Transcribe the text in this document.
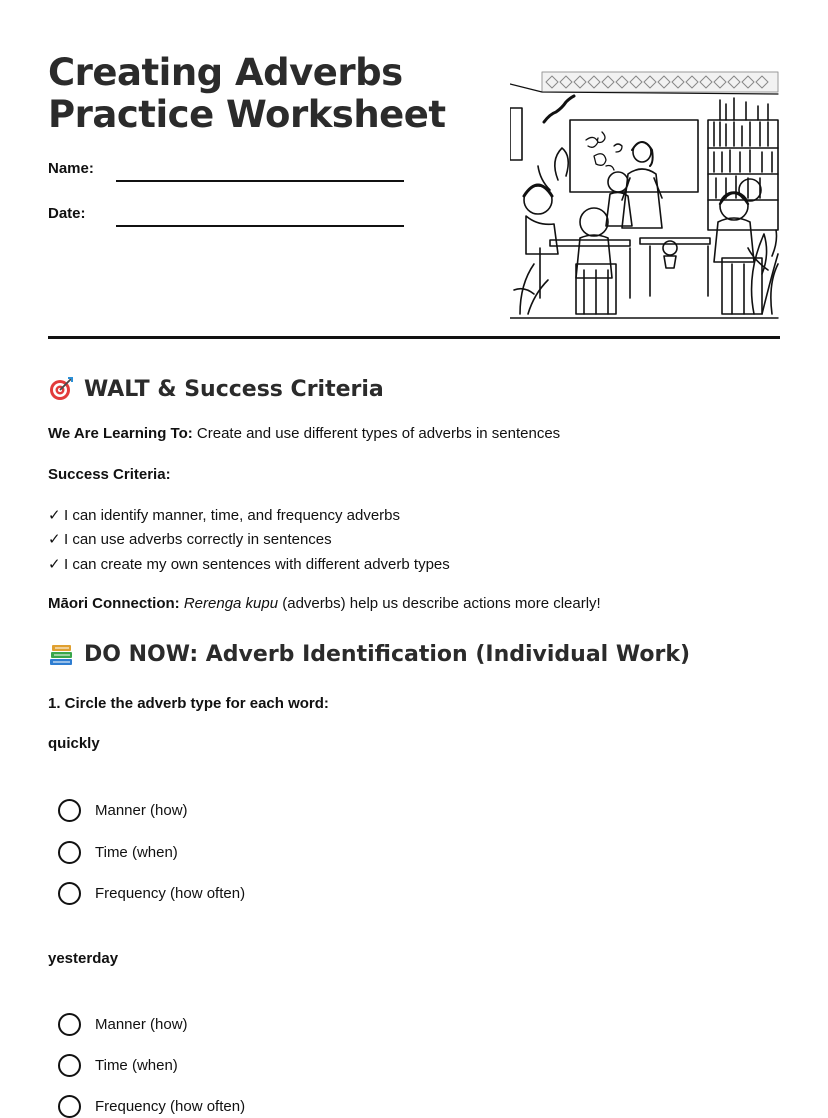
Creating Adverbs
Practice Worksheet
Name:
Date:
WALT & Success Criteria

We Are Learning To: Create and use different types of adverbs in sentences

Success Criteria:

✓ I can identify manner, time, and frequency adverbs

✓ I can use adverbs correctly in sentences

✓ I can create my own sentences with different adverb types

Māori Connection: Rerenga kupu (adverbs) help us describe actions more clearly!

DO NOW: Adverb Identification (Individual Work)

1. Circle the adverb type for each word:

quickly

Manner (how)
Time (when)
Frequency (how often)

yesterday

Manner (how)
Time (when)
Frequency (how often)
